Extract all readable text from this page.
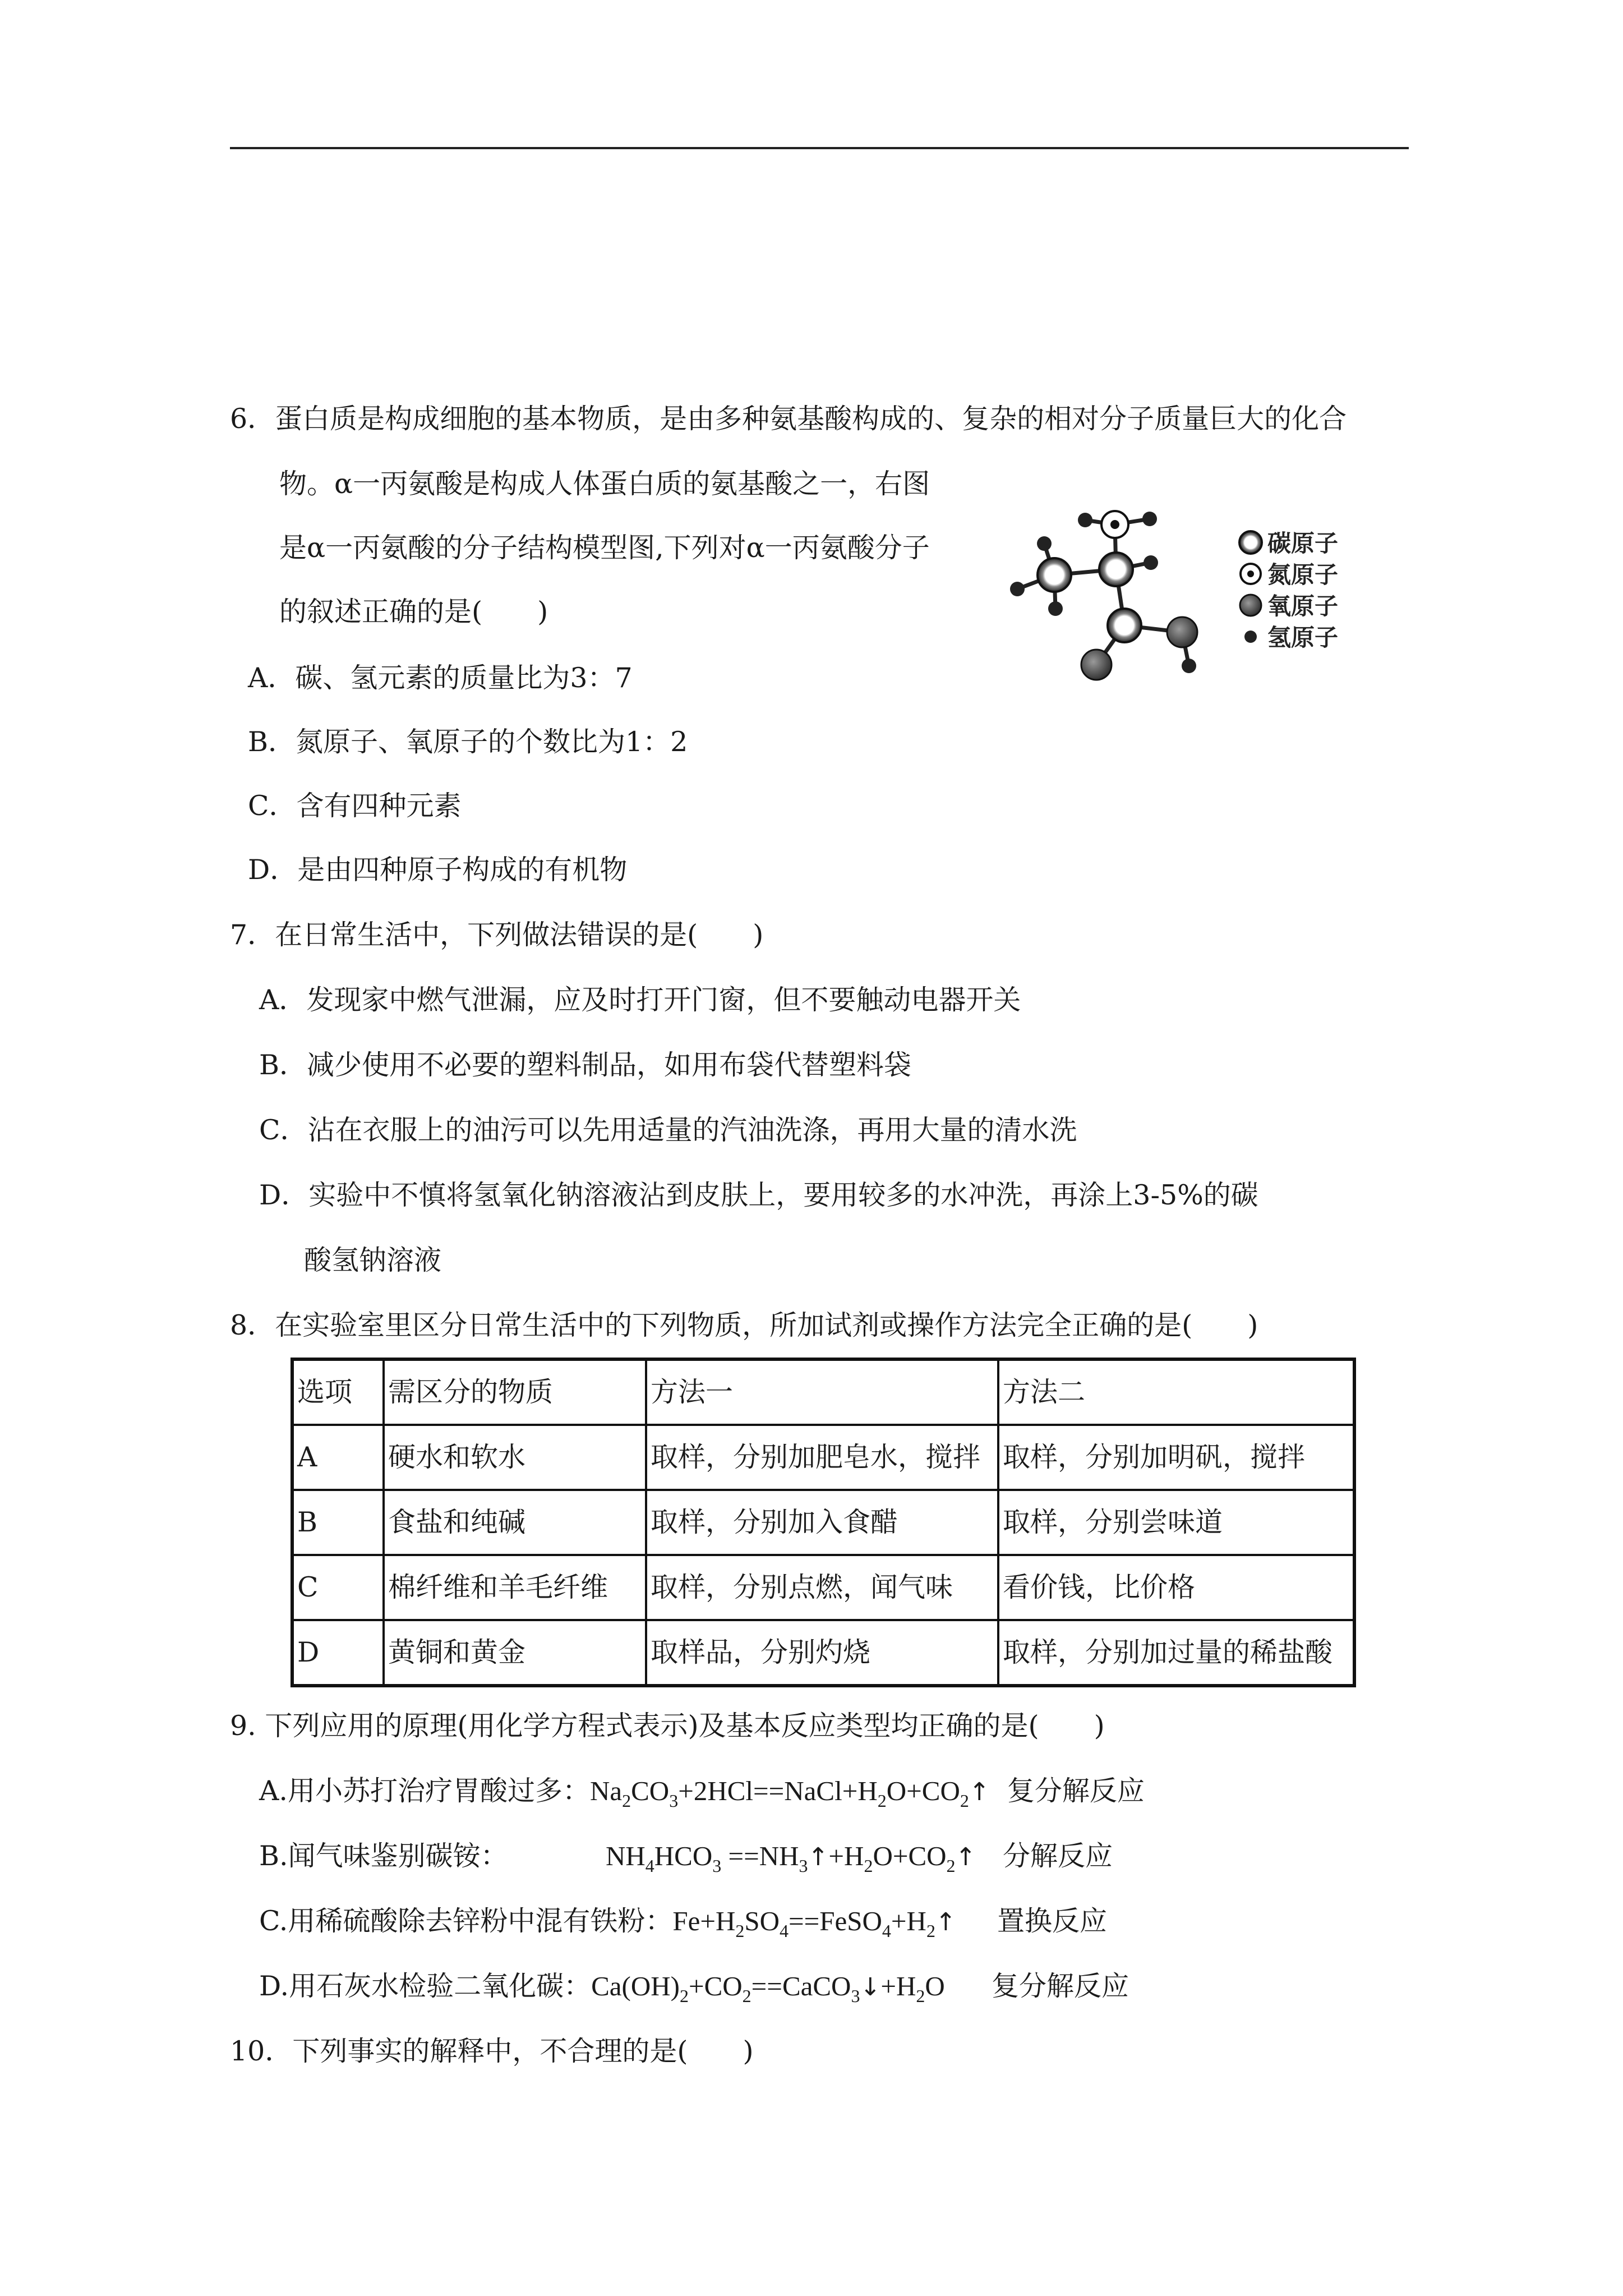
6．蛋白质是构成细胞的基本物质，是由多种氨基酸构成的、复杂的相对分子质量巨大的化合
物。α一丙氨酸是构成人体蛋白质的氨基酸之一，右图
是α一丙氨酸的分子结构模型图,下列对α一丙氨酸分子
的叙述正确的是(　　)
碳原子
氮原子
氧原子
氢原子
A．碳、氢元素的质量比为3：7
B．氮原子、氧原子的个数比为1：2
C．含有四种元素
D．是由四种原子构成的有机物
7．在日常生活中，下列做法错误的是(　　)
A．发现家中燃气泄漏，应及时打开门窗，但不要触动电器开关
B．减少使用不必要的塑料制品，如用布袋代替塑料袋
C．沾在衣服上的油污可以先用适量的汽油洗涤，再用大量的清水洗
D．实验中不慎将氢氧化钠溶液沾到皮肤上，要用较多的水冲洗，再涂上3-5%的碳
酸氢钠溶液
8．在实验室里区分日常生活中的下列物质，所加试剂或操作方法完全正确的是(　　)
选项	需区分的物质	方法一	方法二
A	硬水和软水	取样，分别加肥皂水，搅拌	取样，分别加明矾，搅拌
B	食盐和纯碱	取样，分别加入食醋	取样，分别尝味道
C	棉纤维和羊毛纤维	取样，分别点燃，闻气味	看价钱，比价格
D	黄铜和黄金	取样品，分别灼烧	取样，分别加过量的稀盐酸
9. 下列应用的原理(用化学方程式表示)及基本反应类型均正确的是(　　)
A.用小苏打治疗胃酸过多：$Na_2CO_3+2HCl==NaCl+H_2O+CO_2↑$ 复分解反应
B.闻气味鉴别碳铵：	$NH_4HCO_3$ $==NH_3↑+H_2O+CO_2↑$ 分解反应
C.用稀硫酸除去锌粉中混有铁粉：$Fe+H_2SO_4==FeSO_4+H_2↑$ 置换反应
D.用石灰水检验二氧化碳：$Ca(OH)_2+CO_2==CaCO_3↓+H_2O$ 复分解反应
10．下列事实的解释中，不合理的是(　　)
